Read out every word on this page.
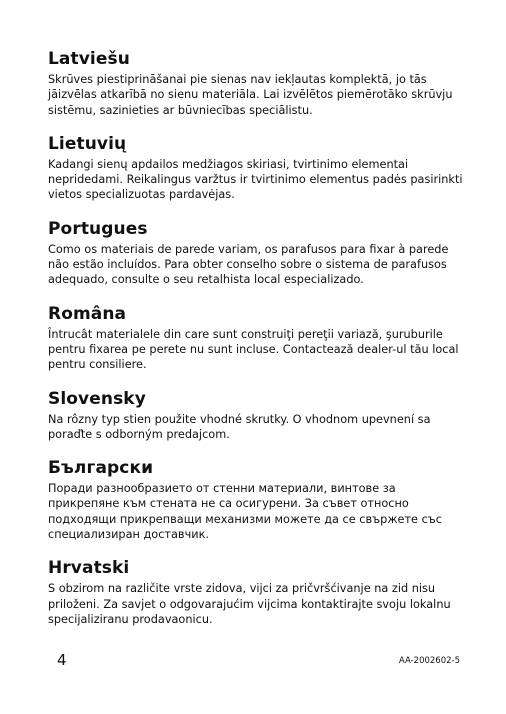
Latviešu

Skrūves piestiprināšanai pie sienas nav iekļautas komplektā, jo tās jāizvēlas atkarībā no sienu materiāla. Lai izvēlētos piemērotāko skrūvju sistēmu, sazinieties ar būvniecības speciālistu.

Lietuvių

Kadangi sienų apdailos medžiagos skiriasi, tvirtinimo elementai nepridedami. Reikalingus varžtus ir tvirtinimo elementus padės pasirinkti vietos specializuotas pardavėjas.

Portugues

Como os materiais de parede variam, os parafusos para fixar à parede não estão incluídos. Para obter conselho sobre o sistema de parafusos adequado, consulte o seu retalhista local especializado.

Româna

Întrucât materialele din care sunt construiţi pereţii variază, şuruburile pentru fixarea pe perete nu sunt incluse. Contactează dealer-ul tău local pentru consiliere.

Slovensky

Na rôzny typ stien použite vhodné skrutky. O vhodnom upevnení sa poraďte s odborným predajcom.

Български

Поради разнообразието от стенни материали, винтове за прикрепяне към стената не са осигурени. За съвет относно подходящи прикрепващи механизми можете да се свържете със специализиран доставчик.

Hrvatski

S obzirom na različite vrste zidova, vijci za pričvršćivanje na zid nisu priloženi. Za savjet o odgovarajućim vijcima kontaktirajte svoju lokalnu specijaliziranu prodavaonicu.

4	AA-2002602-5
